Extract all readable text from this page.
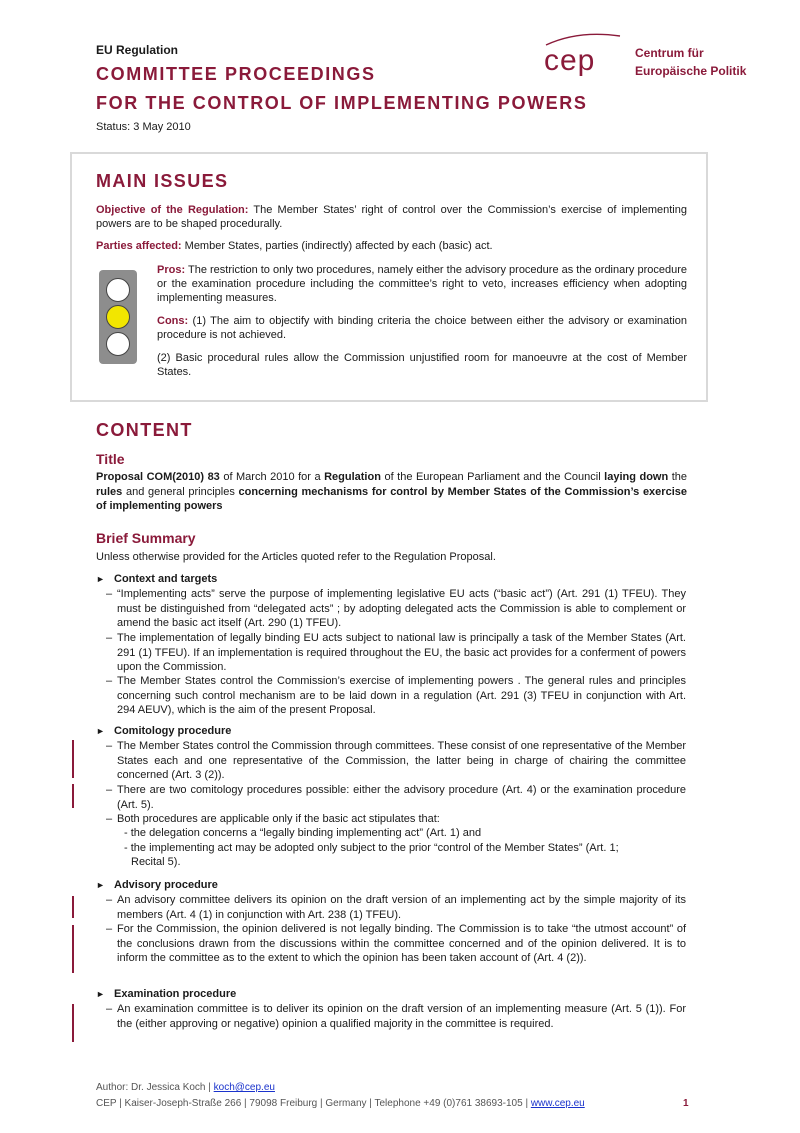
EU Regulation
COMMITTEE PROCEEDINGS
FOR THE CONTROL OF IMPLEMENTING POWERS
Status: 3 May 2010
cep	Centrum für
Europäische Politik
MAIN ISSUES
Objective of the Regulation: The Member States’ right of control over the Commission’s exercise of implementing powers are to be shaped procedurally.
Parties affected: Member States, parties (indirectly) affected by each (basic) act.
Pros: The restriction to only two procedures, namely either the advisory procedure as the ordinary procedure or the examination procedure including the committee’s right to veto, increases efficiency when adopting implementing measures.
Cons: (1) The aim to objectify with binding criteria the choice between either the advisory or examination procedure is not achieved.
(2) Basic procedural rules allow the Commission unjustified room for manoeuvre at the cost of Member States.
CONTENT
Title
Proposal COM(2010) 83 of March 2010 for a Regulation of the European Parliament and the Council laying down the rules and general principles concerning mechanisms for control by Member States of the Commission’s exercise of implementing powers
Brief Summary
Unless otherwise provided for the Articles quoted refer to the Regulation Proposal.
► Context and targets
– “Implementing acts” serve the purpose of implementing legislative EU acts (“basic act”) (Art. 291 (1) TFEU). They must be distinguished from “delegated acts” ; by adopting delegated acts the Commission is able to complement or amend the basic act itself (Art. 290 (1) TFEU).
– The implementation of legally binding EU acts subject to national law is principally a task of the Member States (Art. 291 (1) TFEU). If an implementation is required throughout the EU, the basic act provides for a conferment of powers upon the Commission.
– The Member States control the Commission’s exercise of implementing powers . The general rules and principles concerning such control mechanism are to be laid down in a regulation (Art. 291 (3) TFEU in conjunction with Art. 294 AEUV), which is the aim of the present Proposal.
► Comitology procedure
– The Member States control the Commission through committees. These consist of one representative of the Member States each and one representative of the Commission, the latter being in charge of chairing the committee concerned (Art. 3 (2)).
– There are two comitology procedures possible: either the advisory procedure (Art. 4) or the examination procedure (Art. 5).
– Both procedures are applicable only if the basic act stipulates that:
- the delegation concerns a “legally binding implementing act” (Art. 1) and
- the implementing act may be adopted only subject to the prior “control of the Member States” (Art. 1;
Recital 5).
► Advisory procedure
– An advisory committee delivers its opinion on the draft version of an implementing act by the simple majority of its members (Art. 4 (1) in conjunction with Art. 238 (1) TFEU).
– For the Commission, the opinion delivered is not legally binding. The Commission is to take “the utmost account” of the conclusions drawn from the discussions within the committee concerned and of the opinion delivered. It is to inform the committee as to the extent to which the opinion has been taken account of (Art. 4 (2)).
► Examination procedure
– An examination committee is to deliver its opinion on the draft version of an implementing measure (Art. 5 (1)). For the (either approving or negative) opinion a qualified majority in the committee is required.
Author: Dr. Jessica Koch | koch@cep.eu
CEP | Kaiser-Joseph-Straße 266 | 79098 Freiburg | Germany | Telephone +49 (0)761 38693-105 | www.cep.eu	1
